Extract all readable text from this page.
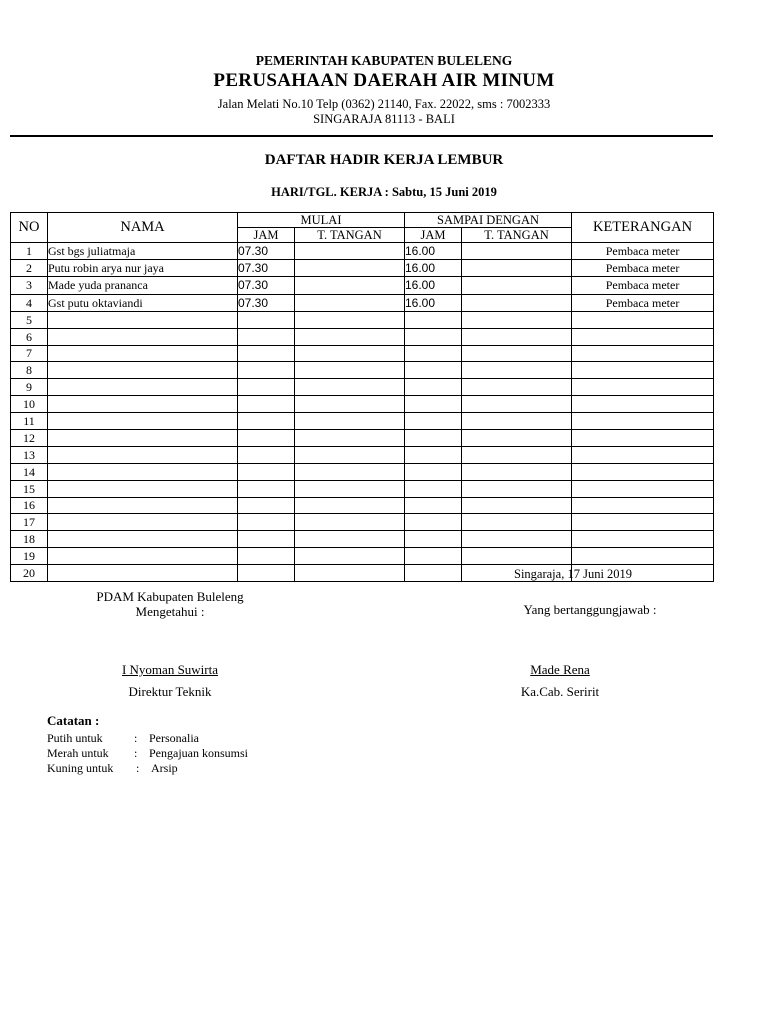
PEMERINTAH KABUPATEN BULELENG
PERUSAHAAN DAERAH AIR MINUM
Jalan Melati No.10 Telp (0362) 21140, Fax. 22022, sms : 7002333
SINGARAJA 81113 - BALI
DAFTAR HADIR KERJA LEMBUR
HARI/TGL. KERJA : Sabtu, 15 Juni 2019
NO	NAMA	MULAI		SAMPAI DENGAN		KETERANGAN
		JAM	T. TANGAN	JAM	T. TANGAN	
1	Gst bgs juliatmaja	07.30		16.00		Pembaca meter
2	Putu robin arya nur jaya	07.30		16.00		Pembaca meter
3	Made yuda prananca	07.30		16.00		Pembaca meter
4	Gst putu oktaviandi	07.30		16.00		Pembaca meter
5						
6						
7						
8						
9						
10						
11						
12						
13						
14						
15						
16						
17						
18						
19						
20							Singaraja, 17 Juni 2019
PDAM Kabupaten Buleleng
Mengetahui :	Yang bertanggungjawab :
I Nyoman Suwirta	Made Rena
Direktur Teknik	Ka.Cab. Seririt
Catatan :
Putih untuk	: Personalia
Merah untuk : Pengajuan konsumsi
Kuning untuk : Arsip
